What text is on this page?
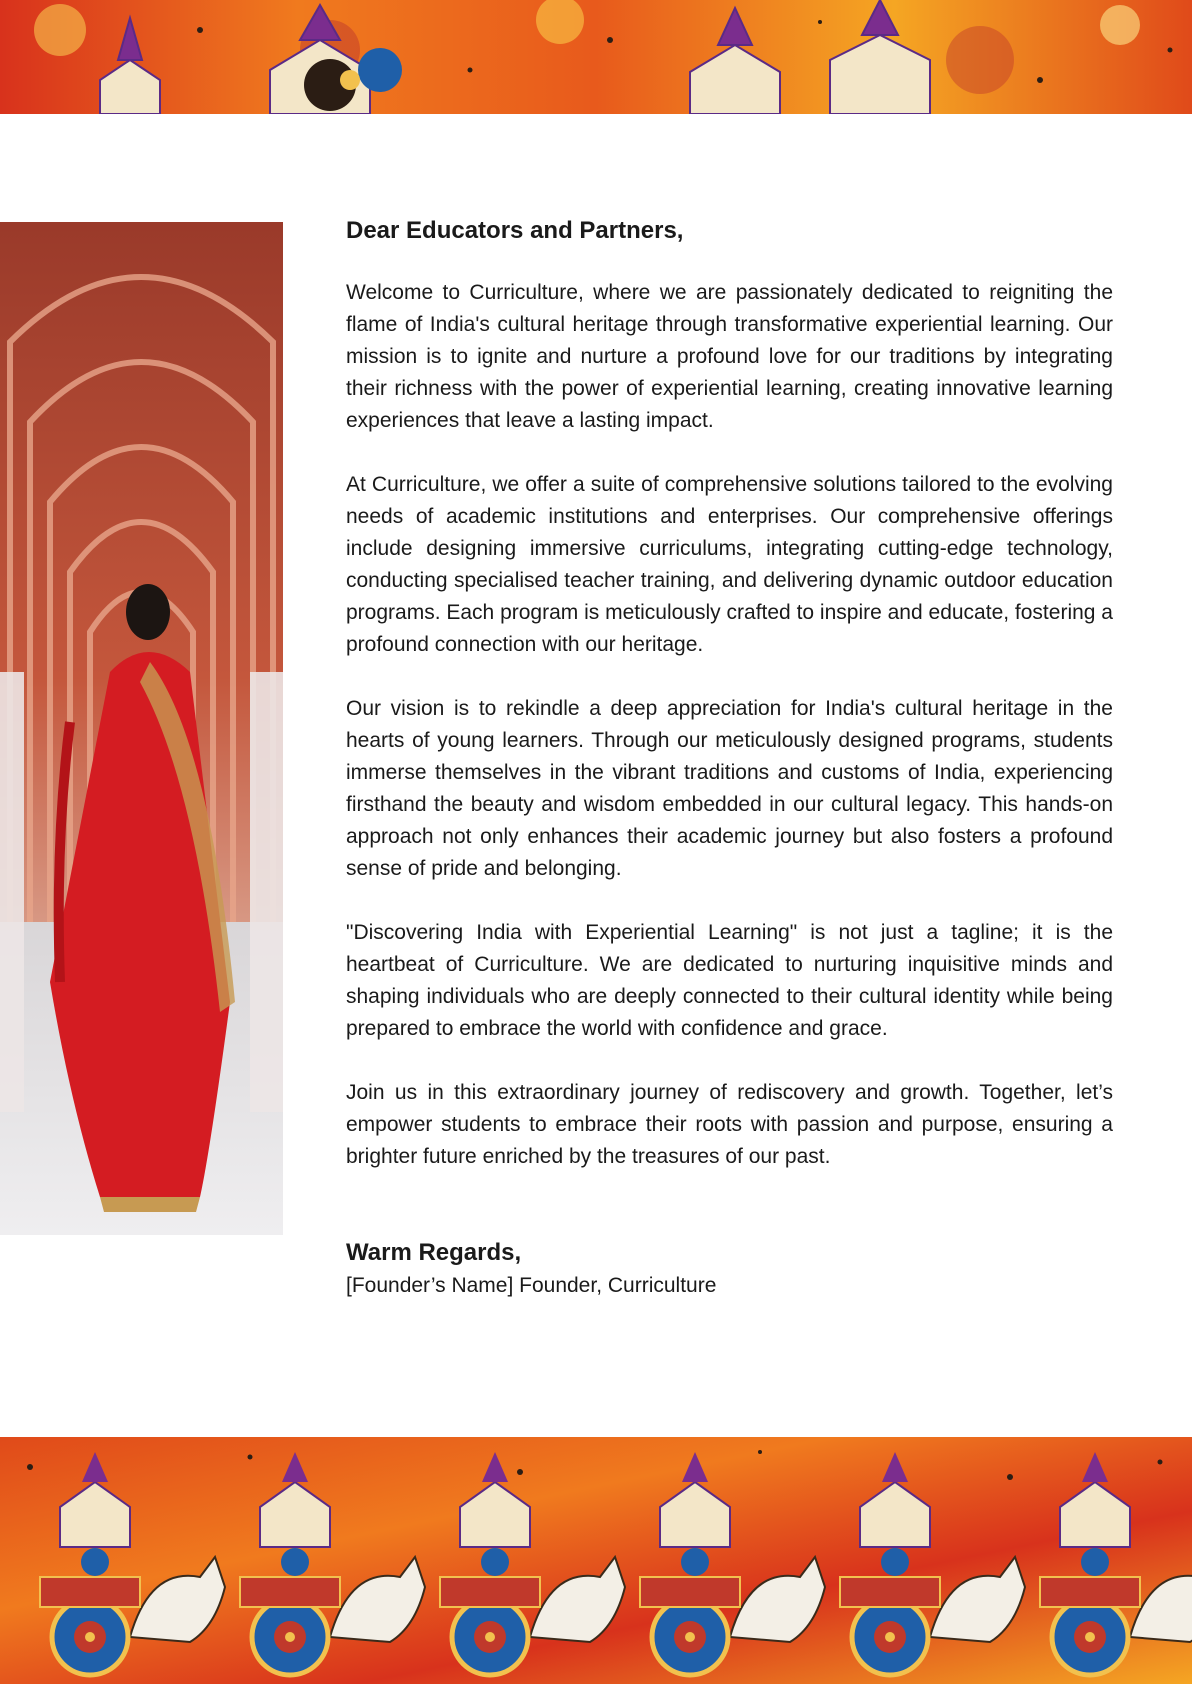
Dear Educators and Partners,

Welcome to Curriculture, where we are passionately dedicated to reigniting the flame of India's cultural heritage through transformative experiential learning. Our mission is to ignite and nurture a profound love for our traditions by integrating their richness with the power of experiential learning, creating innovative learning experiences that leave a lasting impact.

At Curriculture, we offer a suite of comprehensive solutions tailored to the evolving needs of academic institutions and enterprises. Our comprehensive offerings include designing immersive curriculums, integrating cutting-edge technology, conducting specialised teacher training, and delivering dynamic outdoor education programs. Each program is meticulously crafted to inspire and educate, fostering a profound connection with our heritage.

Our vision is to rekindle a deep appreciation for India's cultural heritage in the hearts of young learners. Through our meticulously designed programs, students immerse themselves in the vibrant traditions and customs of India, experiencing firsthand the beauty and wisdom embedded in our cultural legacy. This hands-on approach not only enhances their academic journey but also fosters a profound sense of pride and belonging.

"Discovering India with Experiential Learning" is not just a tagline; it is the heartbeat of Curriculture. We are dedicated to nurturing inquisitive minds and shaping individuals who are deeply connected to their cultural identity while being prepared to embrace the world with confidence and grace.

Join us in this extraordinary journey of rediscovery and growth. Together, let’s empower students to embrace their roots with passion and purpose, ensuring a brighter future enriched by the treasures of our past.

Warm Regards,
[Founder’s Name] Founder, Curriculture
